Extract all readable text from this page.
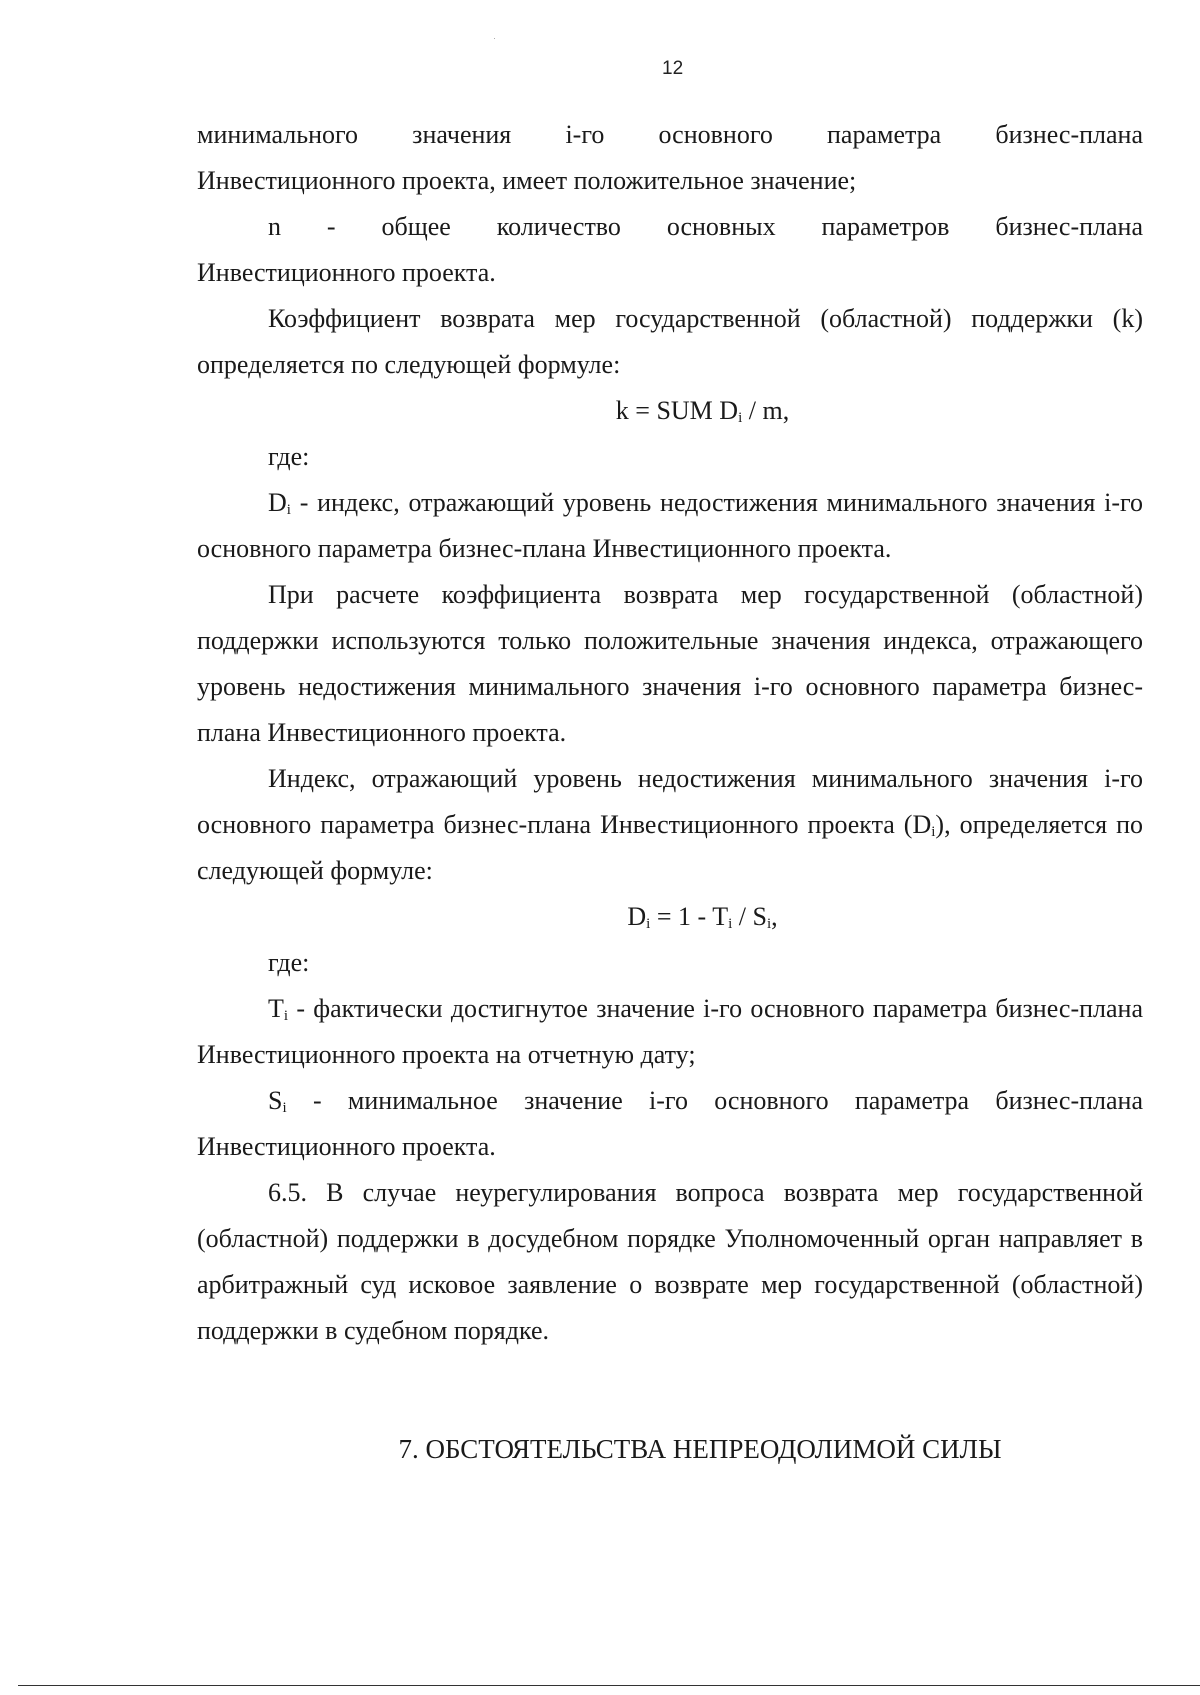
12

минимального значения i-го основного параметра бизнес-плана

Инвестиционного проекта, имеет положительное значение;

n - общее количество основных параметров бизнес-плана

Инвестиционного проекта.

Коэффициент возврата мер государственной (областной) поддержки (k) определяется по следующей формуле:

k = SUM $D_i$ / m,

где:

$D_i$ - индекс, отражающий уровень недостижения минимального значения i-го основного параметра бизнес-плана Инвестиционного проекта.

При расчете коэффициента возврата мер государственной (областной) поддержки используются только положительные значения индекса, отражающего уровень недостижения минимального значения i-го основного параметра бизнес-плана Инвестиционного проекта.

Индекс, отражающий уровень недостижения минимального значения i-го основного параметра бизнес-плана Инвестиционного проекта $(D_i)$, определяется по следующей формуле:

$D_i = 1 - T_i / S_i$,

где:

$T_i$ - фактически достигнутое значение i-го основного параметра бизнес-плана Инвестиционного проекта на отчетную дату;

$S_i$ - минимальное значение i-го основного параметра бизнес-плана Инвестиционного проекта.

6.5. В случае неурегулирования вопроса возврата мер государственной (областной) поддержки в досудебном порядке Уполномоченный орган направляет в арбитражный суд исковое заявление о возврате мер государственной (областной) поддержки в судебном порядке.

7. ОБСТОЯТЕЛЬСТВА НЕПРЕОДОЛИМОЙ СИЛЫ
